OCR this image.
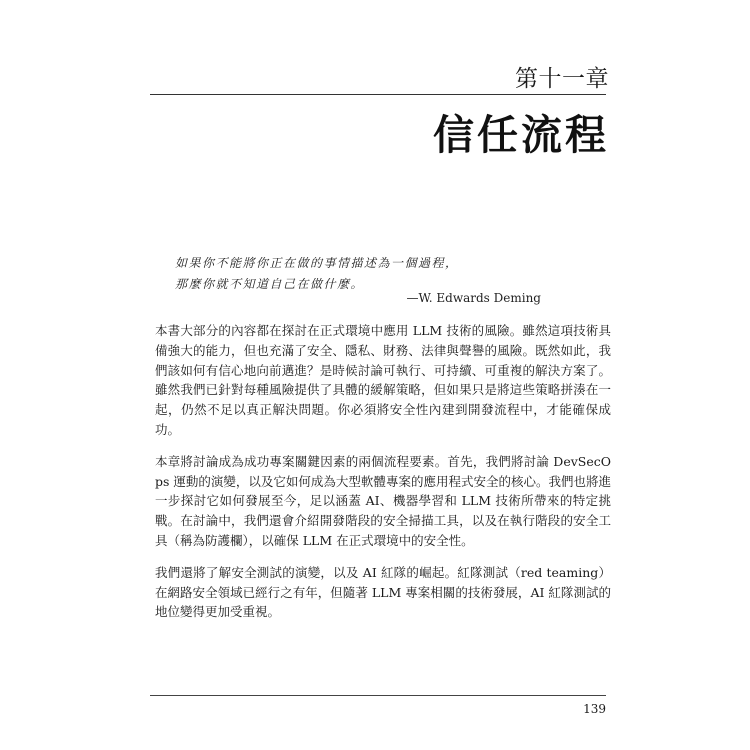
第十一章
信任流程
如果你不能將你正在做的事情描述為一個過程，
那麼你就不知道自己在做什麼。
—W. Edwards Deming

本書大部分的內容都在探討在正式環境中應用 LLM 技術的風險。雖然這項技術具備強大的能力，但也充滿了安全、隱私、財務、法律與聲譽的風險。既然如此，我們該如何有信心地向前邁進？是時候討論可執行、可持續、可重複的解決方案了。雖然我們已針對每種風險提供了具體的緩解策略，但如果只是將這些策略拼湊在一起，仍然不足以真正解決問題。你必須將安全性內建到開發流程中，才能確保成功。

本章將討論成為成功專案關鍵因素的兩個流程要素。首先，我們將討論 DevSecOps 運動的演變，以及它如何成為大型軟體專案的應用程式安全的核心。我們也將進一步探討它如何發展至今，足以涵蓋 AI、機器學習和 LLM 技術所帶來的特定挑戰。在討論中，我們還會介紹開發階段的安全掃描工具，以及在執行階段的安全工具（稱為防護欄），以確保 LLM 在正式環境中的安全性。

我們還將了解安全測試的演變，以及 AI 紅隊的崛起。紅隊測試（red teaming）在網路安全領域已經行之有年，但隨著 LLM 專案相關的技術發展，AI 紅隊測試的地位變得更加受重視。

139
